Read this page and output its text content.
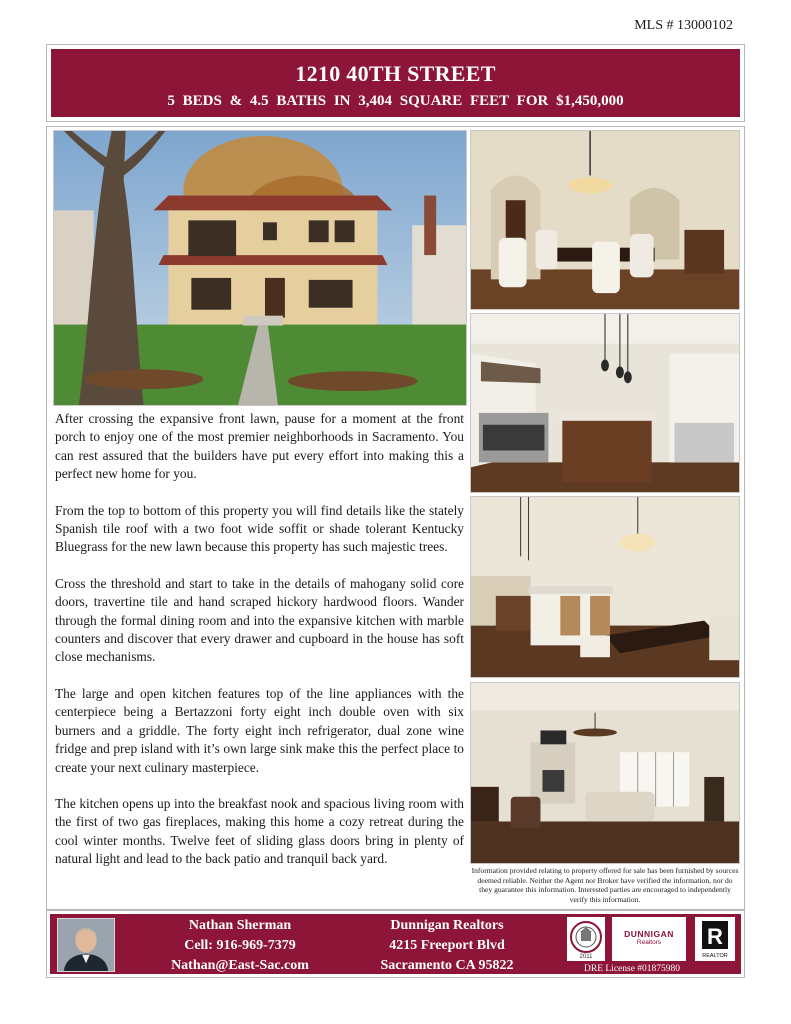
MLS # 13000102
1210 40TH STREET
5 BEDS & 4.5 BATHS IN 3,404 SQUARE FEET FOR $1,450,000

After crossing the expansive front lawn, pause for a moment at the front porch to enjoy one of the most premier neighborhoods in Sacramento. You can rest assured that the builders have put every effort into making this a perfect new home for you.

From the top to bottom of this property you will find details like the stately Spanish tile roof with a two foot wide soffit or shade tolerant Kentucky Bluegrass for the new lawn because this property has such majestic trees.

Cross the threshold and start to take in the details of mahogany solid core doors, travertine tile and hand scraped hickory hardwood floors. Wander through the formal dining room and into the expansive kitchen with marble counters and discover that every drawer and cupboard in the house has soft close mechanisms.

The large and open kitchen features top of the line appliances with the centerpiece being a Bertazzoni forty eight inch double oven with six burners and a griddle. The forty eight inch refrigerator, dual zone wine fridge and prep island with it’s own large sink make this the perfect place to create your next culinary masterpiece.

The kitchen opens up into the breakfast nook and spacious living room with the first of two gas fireplaces, making this home a cozy retreat during the cool winter months. Twelve feet of sliding glass doors bring in plenty of natural light and lead to the back patio and tranquil back yard.

Information provided relating to property offered for sale has been furnished by sources deemed reliable. Neither the Agent nor Broker have verified the information, nor do they guarantee this information. Interested parties are encouraged to independently verify this information.
Nathan Sherman
Cell: 916-969-7379
Nathan@East-Sac.com
Dunnigan Realtors
4215 Freeport Blvd
Sacramento CA 95822
2011
DUNNIGAN
Realtors	R
REALTOR
DRE License #01875980
